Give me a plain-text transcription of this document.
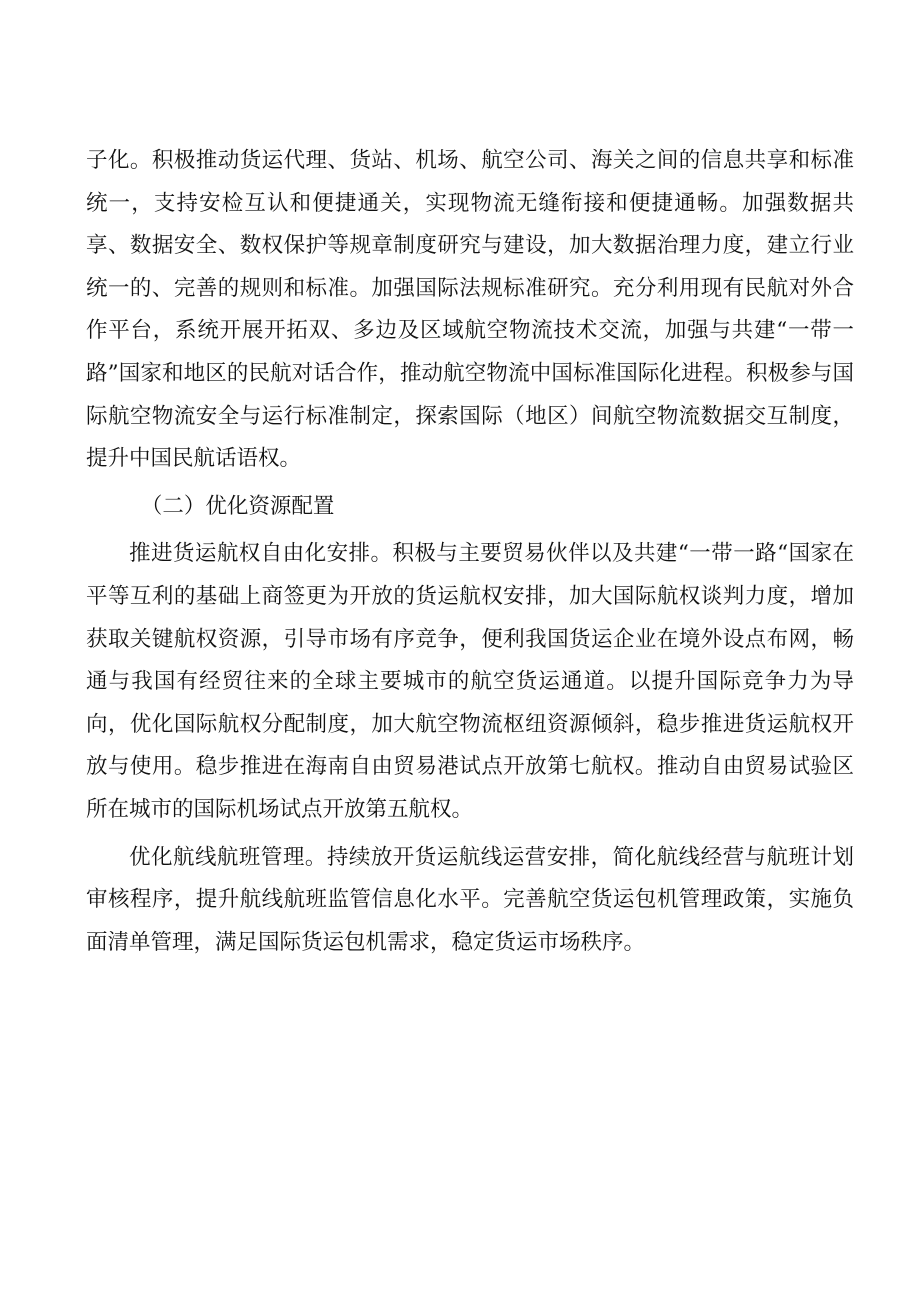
子化。积极推动货运代理、货站、机场、航空公司、海关之间的信息共享和标准统一，支持安检互认和便捷通关，实现物流无缝衔接和便捷通畅。加强数据共享、数据安全、数权保护等规章制度研究与建设，加大数据治理力度，建立行业统一的、完善的规则和标准。加强国际法规标准研究。充分利用现有民航对外合作平台，系统开展开拓双、多边及区域航空物流技术交流，加强与共建“一带一路”国家和地区的民航对话合作，推动航空物流中国标准国际化进程。积极参与国际航空物流安全与运行标准制定，探索国际（地区）间航空物流数据交互制度，提升中国民航话语权。

（二）优化资源配置

推进货运航权自由化安排。积极与主要贸易伙伴以及共建“一带一路“国家在平等互利的基础上商签更为开放的货运航权安排，加大国际航权谈判力度，增加获取关键航权资源，引导市场有序竞争，便利我国货运企业在境外设点布网，畅通与我国有经贸往来的全球主要城市的航空货运通道。以提升国际竞争力为导向，优化国际航权分配制度，加大航空物流枢纽资源倾斜，稳步推进货运航权开放与使用。稳步推进在海南自由贸易港试点开放第七航权。推动自由贸易试验区所在城市的国际机场试点开放第五航权。

优化航线航班管理。持续放开货运航线运营安排，简化航线经营与航班计划审核程序，提升航线航班监管信息化水平。完善航空货运包机管理政策，实施负面清单管理，满足国际货运包机需求，稳定货运市场秩序。
